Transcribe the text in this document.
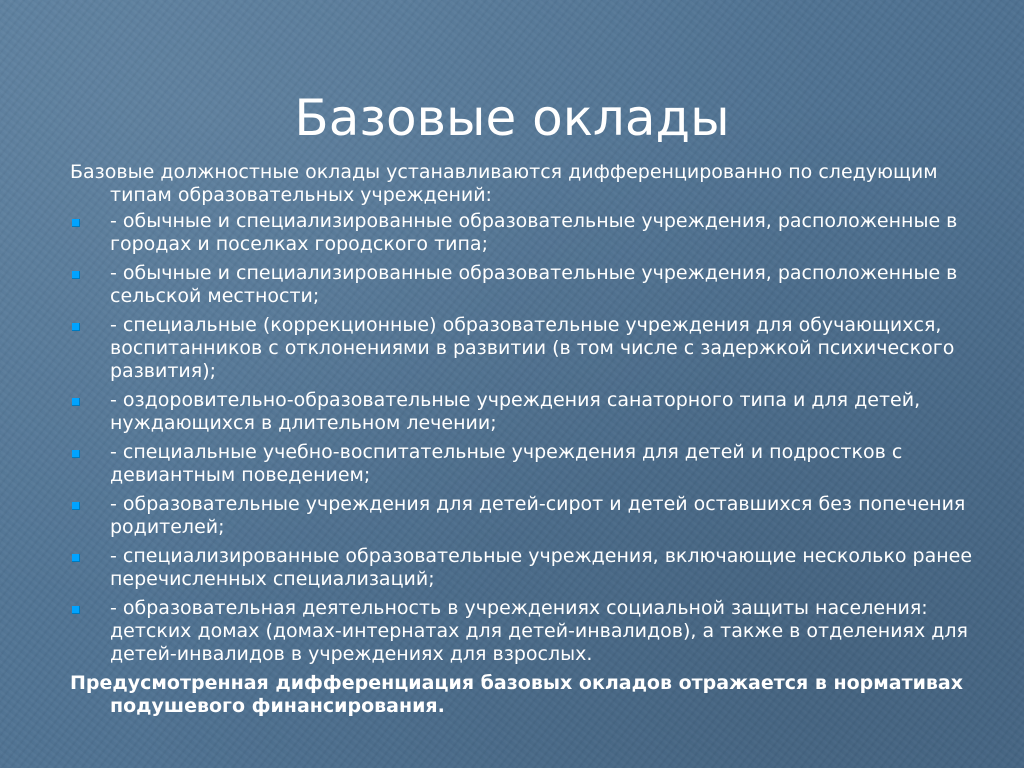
Базовые оклады

Базовые должностные оклады устанавливаются дифференцированно по следующим типам образовательных учреждений:

- обычные и специализированные образовательные учреждения, расположенные в городах и поселках городского типа;
- обычные и специализированные образовательные учреждения, расположенные в сельской местности;
- специальные (коррекционные) образовательные учреждения для обучающихся, воспитанников с отклонениями в развитии (в том числе с задержкой психического развития);
- оздоровительно-образовательные учреждения санаторного типа и для детей, нуждающихся в длительном лечении;
- специальные учебно-воспитательные учреждения для детей и подростков с девиантным поведением;
- образовательные учреждения для детей-сирот и детей оставшихся без попечения родителей;
- специализированные образовательные учреждения, включающие несколько ранее перечисленных специализаций;
- образовательная деятельность в учреждениях социальной защиты населения: детских домах (домах-интернатах для детей-инвалидов), а также в отделениях для детей-инвалидов в учреждениях для взрослых.

Предусмотренная дифференциация базовых окладов отражается в нормативах подушевого финансирования.
